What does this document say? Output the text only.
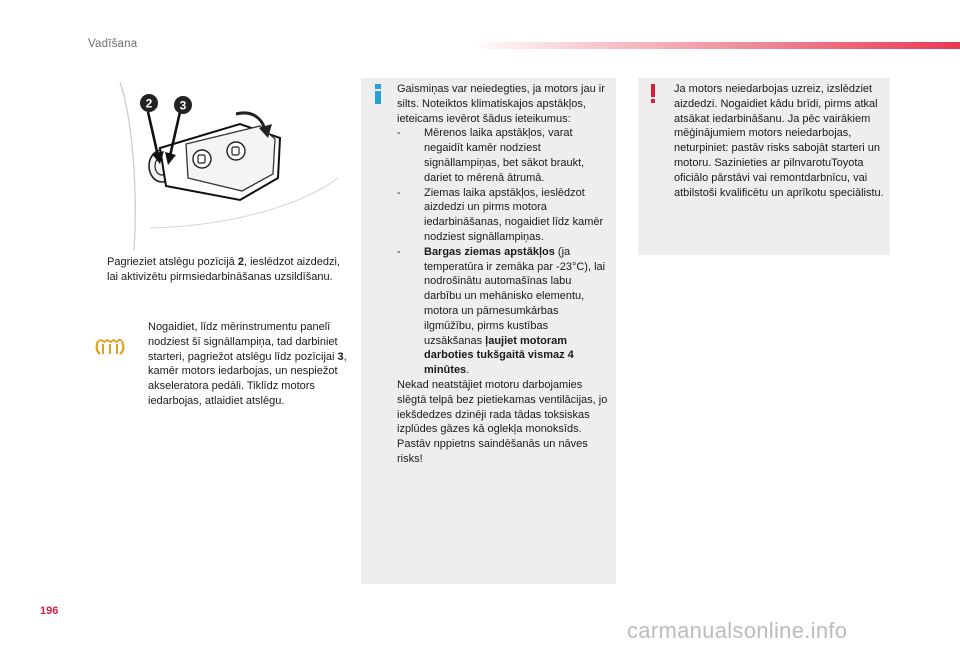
Vadīšana
2 3
Pagrieziet atslēgu pozīcijā 2, ieslēdzot aizdedzi, lai aktivizētu pirmsiedarbināšanas uzsildīšanu.
Nogaidiet, līdz mērinstrumentu panelī nodziest šī signāllampiņa, tad darbiniet starteri, pagriežot atslēgu līdz pozīcijai 3, kamēr motors iedarbojas, un nespiežot akseleratora pedāli. Tiklīdz motors iedarbojas, atlaidiet atslēgu.
Gaismiņas var neiedegties, ja motors jau ir silts. Noteiktos klimatiskajos apstākļos, ieteicams ievērot šādus ieteikumus:
- Mērenos laika apstākļos, varat negaidīt kamēr nodziest signāllampiņas, bet sākot braukt, dariet to mērenā ātrumā.
- Ziemas laika apstākļos, ieslēdzot aizdedzi un pirms motora iedarbināšanas, nogaidiet līdz kamēr nodziest signāllampiņas.
- Bargas ziemas apstākļos (ja temperatūra ir zemāka par -23°C), lai nodrošinātu automašīnas labu darbību un mehānisko elementu, motora un pārnesumkārbas ilgmūžību, pirms kustības uzsākšanas ļaujiet motoram darboties tukšgaitā vismaz 4 minūtes.
Nekad neatstājiet motoru darbojamies slēgtā telpā bez pietiekamas ventilācijas, jo iekšdedzes dzinēji rada tādas toksiskas izplūdes gāzes kā oglekļa monoksīds. Pastāv nppietns saindēšanās un nāves risks!
Ja motors neiedarbojas uzreiz, izslēdziet aizdedzi. Nogaidiet kādu brīdi, pirms atkal atsākat iedarbināšanu. Ja pēc vairākiem mēģinājumiem motors neiedarbojas, neturpiniet: pastāv risks sabojāt starteri un motoru. Sazinieties ar pilnvarotuToyota oficiālo pārstāvi vai remontdarbnīcu, vai atbilstoši kvalificētu un aprīkotu speciālistu.
196
carmanualsonline.info
